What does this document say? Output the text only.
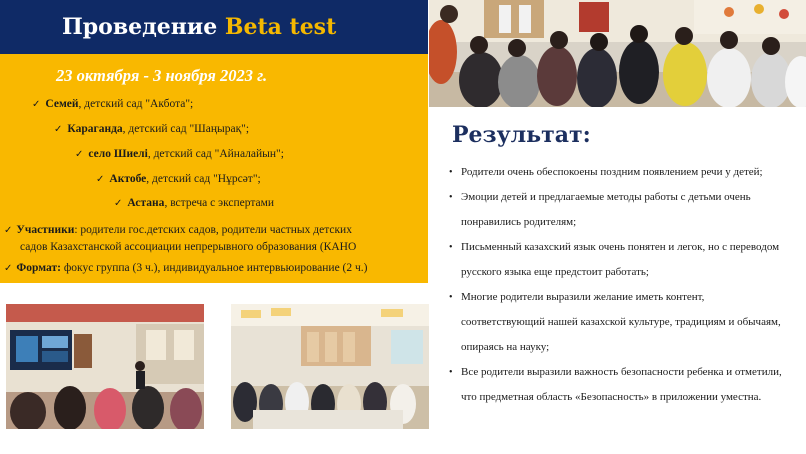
Проведение Beta test
23 октября - 3 ноября 2023 г.
✓ Семей, детский сад "Акбота";
✓ Караганда, детский сад "Шаңырақ";
✓ село Шиелі, детский сад "Айналайын";
✓ Актобе, детский сад "Нұрсәт";
✓ Астана, встреча с экспертами
✓ Участники: родители гос.детских садов, родители частных детских
садов Казахстанской ассоциации непрерывного образования (КАНО
✓ Формат: фокус группа (3 ч.), индивидуальное интервьюирование (2 ч.)
Результат:
• Родители очень обеспокоены поздним появлением речи у детей;
• Эмоции детей и предлагаемые методы работы с детьми очень
понравились родителям;
• Письменный казахский язык очень понятен и легок, но с переводом
русского языка еще предстоит работать;
• Многие родители выразили желание иметь контент,
соответствующий нашей казахской культуре, традициям и обычаям,
опираясь на науку;
• Все родители выразили важность безопасности ребенка и отметили,
что предметная область «Безопасность» в приложении уместна.
